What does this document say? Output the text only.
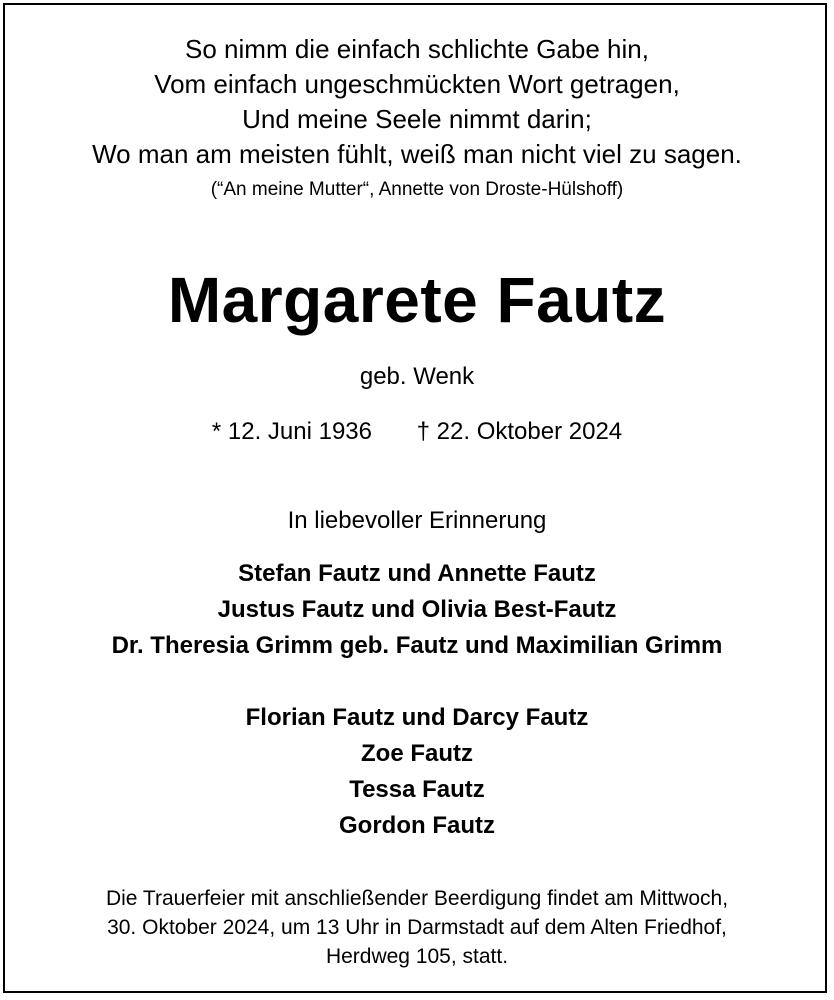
So nimm die einfach schlichte Gabe hin,
Vom einfach ungeschmückten Wort getragen,
Und meine Seele nimmt darin;
Wo man am meisten fühlt, weiß man nicht viel zu sagen.
(“An meine Mutter“, Annette von Droste-Hülshoff)
Margarete Fautz
geb. Wenk
* 12. Juni 1936 † 22. Oktober 2024
In liebevoller Erinnerung
Stefan Fautz und Annette Fautz
Justus Fautz und Olivia Best-Fautz
Dr. Theresia Grimm geb. Fautz und Maximilian Grimm
Florian Fautz und Darcy Fautz
Zoe Fautz
Tessa Fautz
Gordon Fautz
Die Trauerfeier mit anschließender Beerdigung findet am Mittwoch,
30. Oktober 2024, um 13 Uhr in Darmstadt auf dem Alten Friedhof,
Herdweg 105, statt.
